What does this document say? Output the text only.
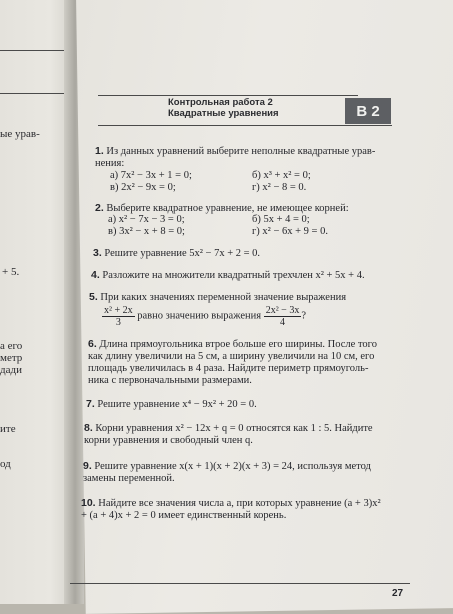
ые урав-
+ 5.
а его
метр
дади
ите
од
Контрольная работа 2
Квадратные уравнения	В 2
1. Из данных уравнений выберите неполные квадратные урав-нения:
а) 7x² − 3x + 1 = 0;	б) x³ + x² = 0;
в) 2x² − 9x = 0;	г) x² − 8 = 0.
2. Выберите квадратное уравнение, не имеющее корней:
а) x² − 7x − 3 = 0;	б) 5x + 4 = 0;
в) 3x² − x + 8 = 0;	г) x² − 6x + 9 = 0.
3. Решите уравнение 5x² − 7x + 2 = 0.
4. Разложите на множители квадратный трехчлен x² + 5x + 4.
5. При каких значениях переменной значение выражения
$\frac{\text{x² + 2x}}{3}$ равно значению выражения $\frac{\text{2x² − 3x}}{4}$ ?
6. Длина прямоугольника втрое больше его ширины. После того как длину увеличили на 5 см, а ширину увеличили на 10 см, его площадь увеличилась в 4 раза. Найдите периметр прямоуголь-ника с первоначальными размерами.
7. Решите уравнение x⁴ − 9x² + 20 = 0.
8. Корни уравнения x² − 12x + q = 0 относятся как 1 : 5. Найдите корни уравнения и свободный член q.
9. Решите уравнение x(x + 1)(x + 2)(x + 3) = 24, используя метод замены переменной.
10. Найдите все значения числа a, при которых уравнение (a + 3)x² + (a + 4)x + 2 = 0 имеет единственный корень.
27
